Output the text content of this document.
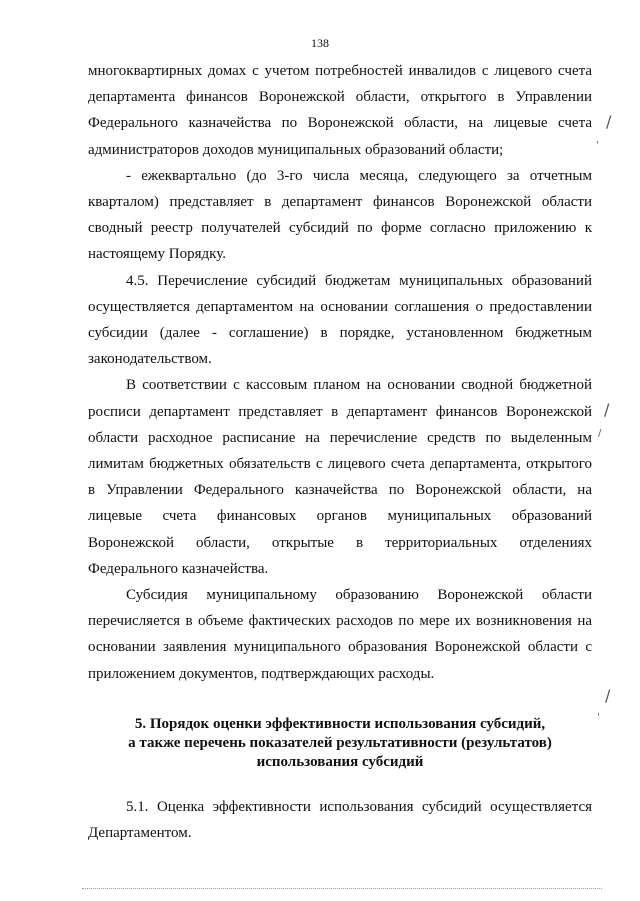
138

многоквартирных домах с учетом потребностей инвалидов с лицевого счета департамента финансов Воронежской области, открытого в Управлении Федерального казначейства по Воронежской области, на лицевые счета администраторов доходов муниципальных образований области;

- ежеквартально (до 3-го числа месяца, следующего за отчетным кварталом) представляет в департамент финансов Воронежской области сводный реестр получателей субсидий по форме согласно приложению к настоящему Порядку.

4.5. Перечисление субсидий бюджетам муниципальных образований осуществляется департаментом на основании соглашения о предоставлении субсидии (далее - соглашение) в порядке, установленном бюджетным законодательством.

В соответствии с кассовым планом на основании сводной бюджетной росписи департамент представляет в департамент финансов Воронежской области расходное расписание на перечисление средств по выделенным лимитам бюджетных обязательств с лицевого счета департамента, открытого в Управлении Федерального казначейства по Воронежской области, на лицевые счета финансовых органов муниципальных образований Воронежской области, открытые в территориальных отделениях Федерального казначейства.

Субсидия муниципальному образованию Воронежской области перечисляется в объеме фактических расходов по мере их возникновения на основании заявления муниципального образования Воронежской области с приложением документов, подтверждающих расходы.

5. Порядок оценки эффективности использования субсидий,
а также перечень показателей результативности (результатов)
использования субсидий

5.1. Оценка эффективности использования субсидий осуществляется Департаментом.

/
'
/
/
/
'
